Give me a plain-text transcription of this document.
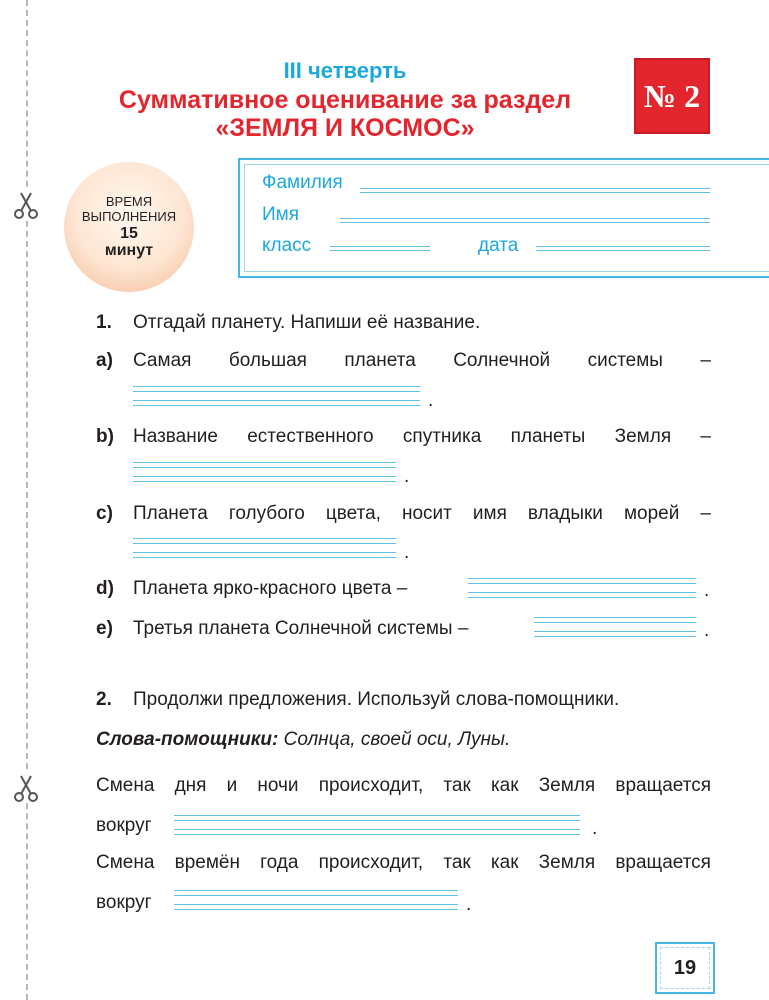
III четверть
Суммативное оценивание за раздел
«ЗЕМЛЯ И КОСМОС»
№ 2
ВРЕМЯ
ВЫПОЛНЕНИЯ
15
минут
Фамилия
Имя
класс	дата
1. Отгадай планету. Напиши её название.
a) Самая большая планета Солнечной системы –
.
b) Название естественного спутника планеты Земля –
.
c) Планета голубого цвета, носит имя владыки морей –
.
d) Планета ярко-красного цвета –	.
e) Третья планета Солнечной системы –	.
2. Продолжи предложения. Используй слова-помощники.
Слова-помощники: Солнца, своей оси, Луны.
Смена дня и ночи происходит, так как Земля вращается
вокруг	.
Смена времён года происходит, так как Земля вращается
вокруг	.
19
